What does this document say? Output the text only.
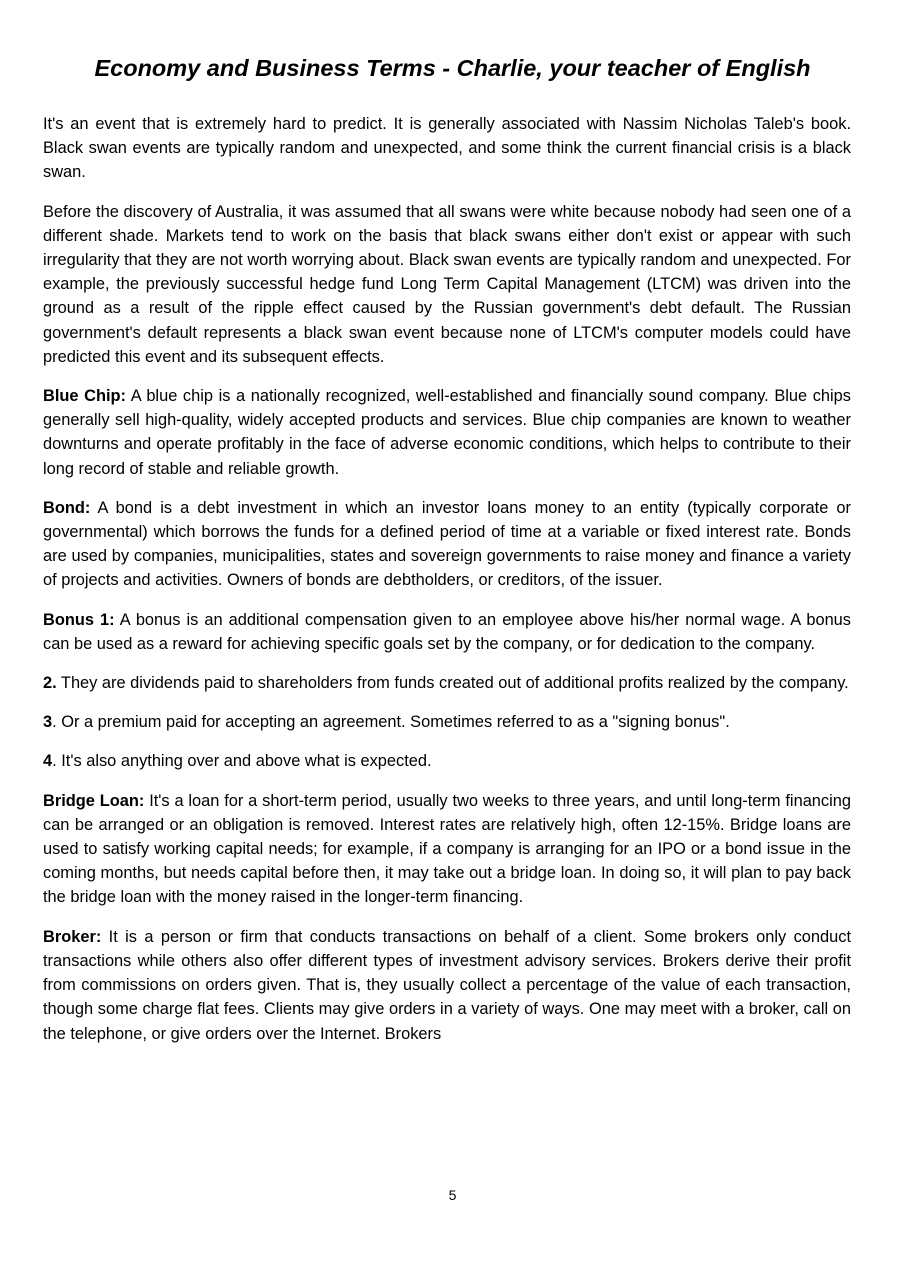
Economy and Business Terms - Charlie, your teacher of English

It's an event that is extremely hard to predict. It is generally associated with Nassim Nicholas Taleb's book. Black swan events are typically random and unexpected, and some think the current financial crisis is a black swan.

Before the discovery of Australia, it was assumed that all swans were white because nobody had seen one of a different shade. Markets tend to work on the basis that black swans either don't exist or appear with such irregularity that they are not worth worrying about. Black swan events are typically random and unexpected. For example, the previously successful hedge fund Long Term Capital Management (LTCM) was driven into the ground as a result of the ripple effect caused by the Russian government's debt default. The Russian government's default represents a black swan event because none of LTCM's computer models could have predicted this event and its subsequent effects.

Blue Chip: A blue chip is a nationally recognized, well-established and financially sound company. Blue chips generally sell high-quality, widely accepted products and services. Blue chip companies are known to weather downturns and operate profitably in the face of adverse economic conditions, which helps to contribute to their long record of stable and reliable growth.

Bond: A bond is a debt investment in which an investor loans money to an entity (typically corporate or governmental) which borrows the funds for a defined period of time at a variable or fixed interest rate. Bonds are used by companies, municipalities, states and sovereign governments to raise money and finance a variety of projects and activities. Owners of bonds are debtholders, or creditors, of the issuer.

Bonus 1: A bonus is an additional compensation given to an employee above his/her normal wage. A bonus can be used as a reward for achieving specific goals set by the company, or for dedication to the company.

2. They are dividends paid to shareholders from funds created out of additional profits realized by the company.

3. Or a premium paid for accepting an agreement. Sometimes referred to as a "signing bonus".

4. It's also anything over and above what is expected.

Bridge Loan: It's a loan for a short-term period, usually two weeks to three years, and until long-term financing can be arranged or an obligation is removed. Interest rates are relatively high, often 12-15%. Bridge loans are used to satisfy working capital needs; for example, if a company is arranging for an IPO or a bond issue in the coming months, but needs capital before then, it may take out a bridge loan. In doing so, it will plan to pay back the bridge loan with the money raised in the longer-term financing.

Broker: It is a person or firm that conducts transactions on behalf of a client. Some brokers only conduct transactions while others also offer different types of investment advisory services. Brokers derive their profit from commissions on orders given. That is, they usually collect a percentage of the value of each transaction, though some charge flat fees. Clients may give orders in a variety of ways. One may meet with a broker, call on the telephone, or give orders over the Internet. Brokers

5
